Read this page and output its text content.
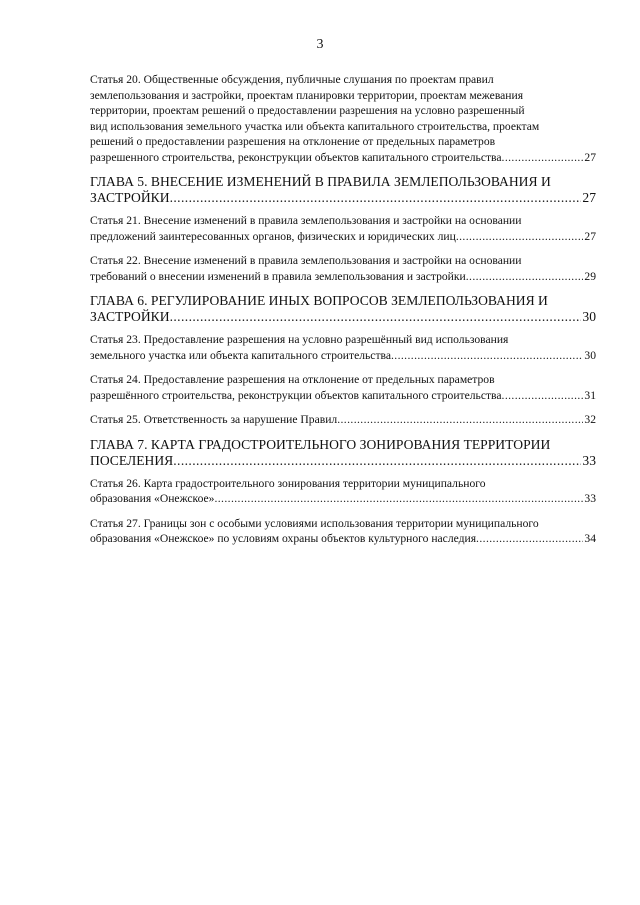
3
Статья 20. Общественные обсуждения, публичные слушания по проектам правил
землепользования и застройки, проектам планировки территории, проектам межевания
территории, проектам решений о предоставлении разрешения на условно разрешенный
вид использования земельного участка или объекта капитального строительства, проектам
решений о предоставлении разрешения на отклонение от предельных параметров
разрешенного строительства, реконструкции объектов капитального строительства .....	27
ГЛАВА 5. ВНЕСЕНИЕ ИЗМЕНЕНИЙ В ПРАВИЛА ЗЕМЛЕПОЛЬЗОВАНИЯ И
ЗАСТРОЙКИ .....	27
Статья 21. Внесение изменений в правила землепользования и застройки на основании
предложений заинтересованных органов, физических и юридических лиц .....	27
Статья 22. Внесение изменений в правила землепользования и застройки на основании
требований о внесении изменений в правила землепользования и застройки .....	29
ГЛАВА 6. РЕГУЛИРОВАНИЕ ИНЫХ ВОПРОСОВ ЗЕМЛЕПОЛЬЗОВАНИЯ И
ЗАСТРОЙКИ .....	30
Статья 23. Предоставление разрешения на условно разрешённый вид использования
земельного участка или объекта капитального строительства .....	30
Статья 24. Предоставление разрешения на отклонение от предельных параметров
разрешённого строительства, реконструкции объектов капитального строительства .....	31
Статья 25. Ответственность за нарушение Правил .....	32
ГЛАВА 7. КАРТА ГРАДОСТРОИТЕЛЬНОГО ЗОНИРОВАНИЯ ТЕРРИТОРИИ
ПОСЕЛЕНИЯ .....	33
Статья 26. Карта градостроительного зонирования территории муниципального
образования «Онежское» .....	33
Статья 27. Границы зон с особыми условиями использования территории муниципального
образования «Онежское» по условиям охраны объектов культурного наследия .....	34
